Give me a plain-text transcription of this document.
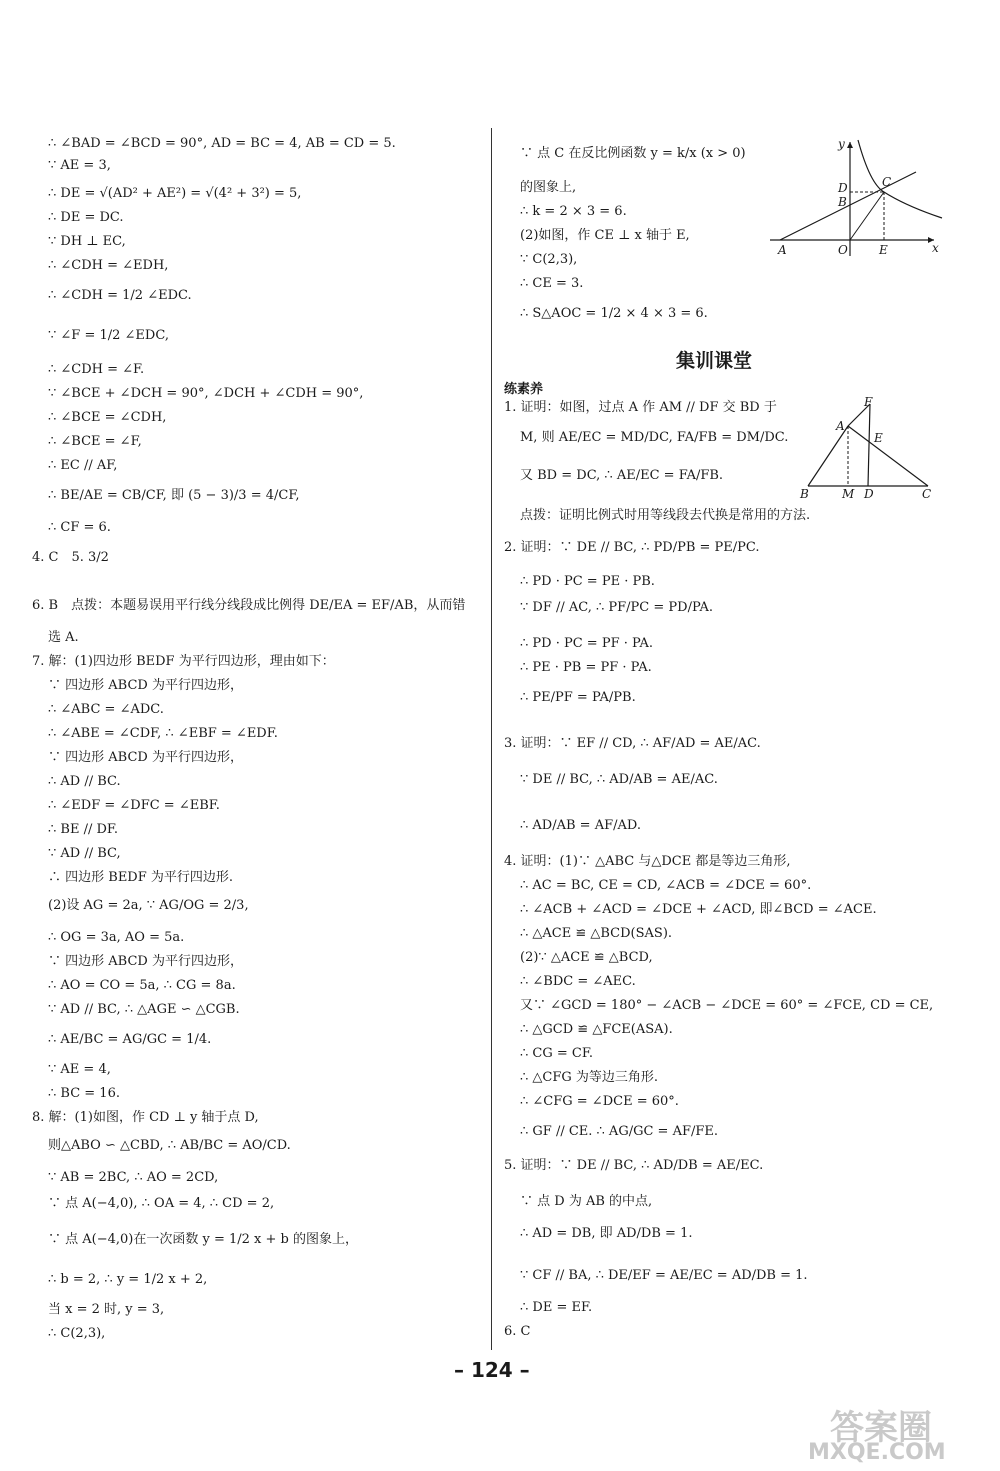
∴ ∠BAD = ∠BCD = 90°, AD = BC = 4, AB = CD = 5.
∵ AE = 3,
∴ DE = √(AD² + AE²) = √(4² + 3²) = 5,
∴ DE = DC.
∵ DH ⊥ EC,
∴ ∠CDH = ∠EDH,
∴ ∠CDH = 1/2 ∠EDC.
∵ ∠F = 1/2 ∠EDC,
∴ ∠CDH = ∠F.
∵ ∠BCE + ∠DCH = 90°, ∠DCH + ∠CDH = 90°,
∴ ∠BCE = ∠CDH,
∴ ∠BCE = ∠F,
∴ EC // AF,
∴ BE/AE = CB/CF, 即 (5 − 3)/3 = 4/CF,
∴ CF = 6.
4. C　5. 3/2
6. B　点拨：本题易误用平行线分线段成比例得 DE/EA = EF/AB，从而错
选 A.
7. 解：(1)四边形 BEDF 为平行四边形，理由如下：
∵ 四边形 ABCD 为平行四边形，
∴ ∠ABC = ∠ADC.
∴ ∠ABE = ∠CDF, ∴ ∠EBF = ∠EDF.
∵ 四边形 ABCD 为平行四边形，
∴ AD // BC.
∴ ∠EDF = ∠DFC = ∠EBF.
∴ BE // DF.
∵ AD // BC,
∴ 四边形 BEDF 为平行四边形.
(2)设 AG = 2a, ∵ AG/OG = 2/3,
∴ OG = 3a, AO = 5a.
∵ 四边形 ABCD 为平行四边形，
∴ AO = CO = 5a, ∴ CG = 8a.
∵ AD // BC, ∴ △AGE ∽ △CGB.
∴ AE/BC = AG/GC = 1/4.
∵ AE = 4,
∴ BC = 16.
8. 解：(1)如图，作 CD ⊥ y 轴于点 D,
则△ABO ∽ △CBD, ∴ AB/BC = AO/CD.
∵ AB = 2BC, ∴ AO = 2CD,
∵ 点 A(−4,0), ∴ OA = 4, ∴ CD = 2,
∵ 点 A(−4,0)在一次函数 y = 1/2 x + b 的图象上，
∴ b = 2, ∴ y = 1/2 x + 2,
当 x = 2 时, y = 3,
∴ C(2,3),
∵ 点 C 在反比例函数 y = k/x (x > 0)
的图象上,
∴ k = 2 × 3 = 6.
(2)如图，作 CE ⊥ x 轴于 E,
∵ C(2,3),
∴ CE = 3.
∴ S△AOC = 1/2 × 4 × 3 = 6.
y
x
A	O	E
B
D	C
集训课堂
练素养
F
A
E
B	M D	C
1. 证明：如图，过点 A 作 AM // DF 交 BD 于
M, 则 AE/EC = MD/DC, FA/FB = DM/DC.
又 BD = DC, ∴ AE/EC = FA/FB.
点拨：证明比例式时用等线段去代换是常用的方法.
2. 证明：∵ DE // BC, ∴ PD/PB = PE/PC.
∴ PD · PC = PE · PB.
∵ DF // AC, ∴ PF/PC = PD/PA.
∴ PD · PC = PF · PA.
∴ PE · PB = PF · PA.
∴ PE/PF = PA/PB.
3. 证明：∵ EF // CD, ∴ AF/AD = AE/AC.
∵ DE // BC, ∴ AD/AB = AE/AC.
∴ AD/AB = AF/AD.
4. 证明：(1)∵ △ABC 与△DCE 都是等边三角形,
∴ AC = BC, CE = CD, ∠ACB = ∠DCE = 60°.
∴ ∠ACB + ∠ACD = ∠DCE + ∠ACD, 即∠BCD = ∠ACE.
∴ △ACE ≌ △BCD(SAS).
(2)∵ △ACE ≌ △BCD,
∴ ∠BDC = ∠AEC.
又∵ ∠GCD = 180° − ∠ACB − ∠DCE = 60° = ∠FCE, CD = CE,
∴ △GCD ≌ △FCE(ASA).
∴ CG = CF.
∴ △CFG 为等边三角形.
∴ ∠CFG = ∠DCE = 60°.
∴ GF // CE. ∴ AG/GC = AF/FE.
5. 证明：∵ DE // BC, ∴ AD/DB = AE/EC.
∵ 点 D 为 AB 的中点,
∴ AD = DB, 即 AD/DB = 1.
∵ CF // BA, ∴ DE/EF = AE/EC = AD/DB = 1.
∴ DE = EF.
6. C
– 124 –
答案圈
MXQE.COM
